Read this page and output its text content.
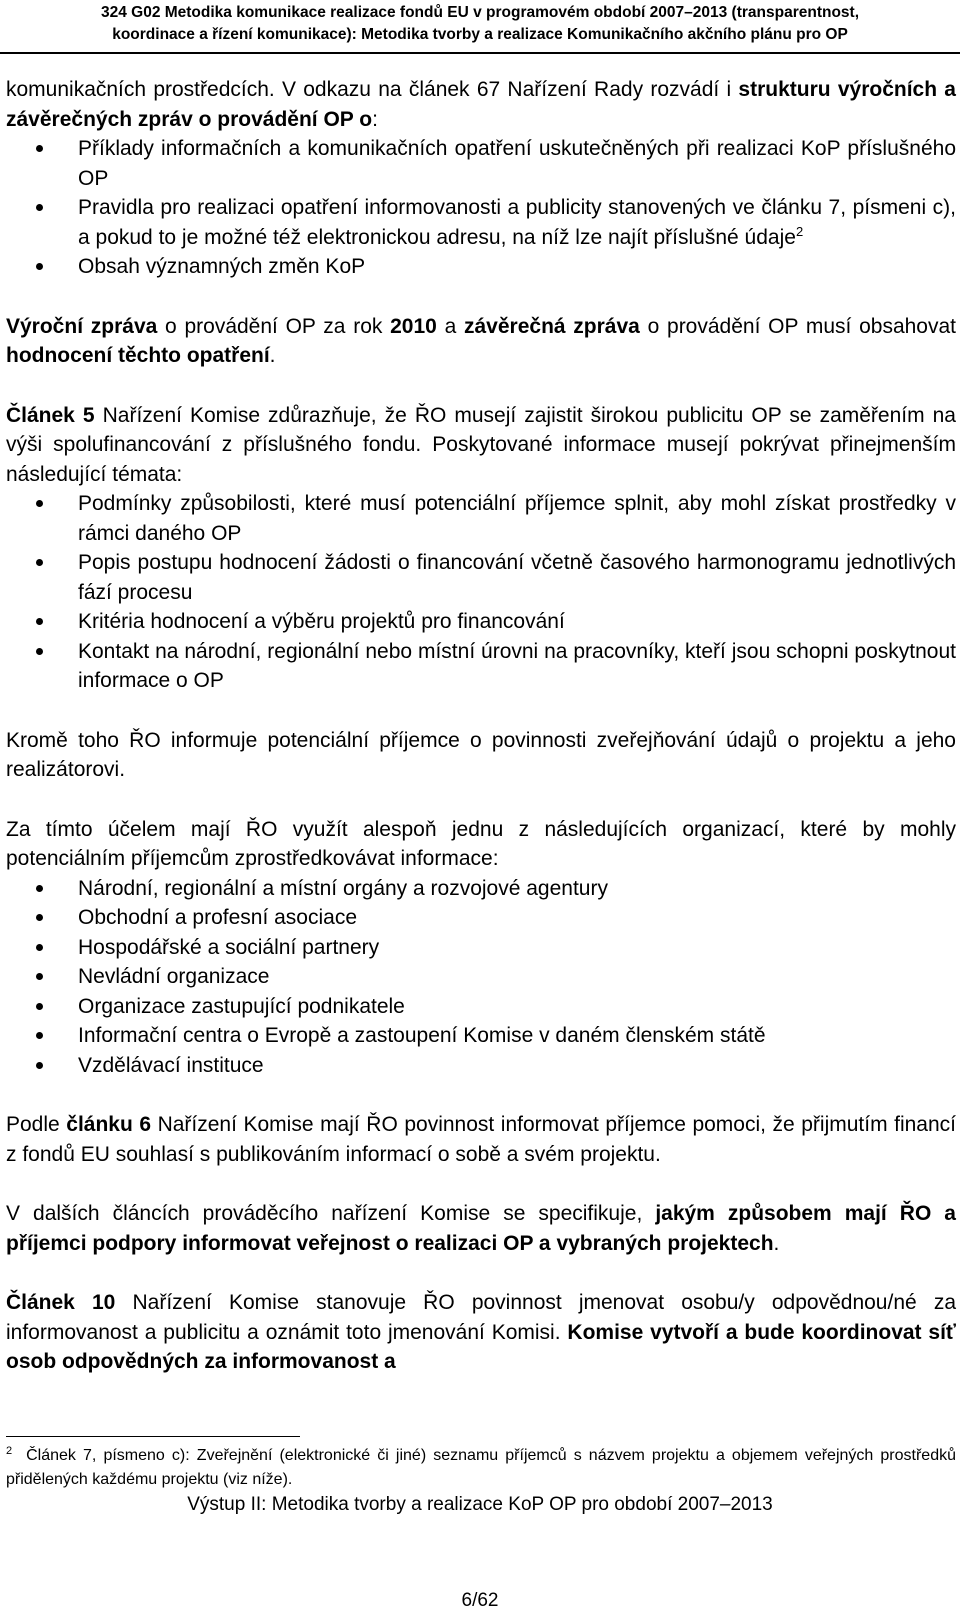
324 G02 Metodika komunikace realizace fondů EU v programovém období 2007–2013 (transparentnost,
koordinace a řízení komunikace): Metodika tvorby a realizace Komunikačního akčního plánu pro OP

komunikačních prostředcích. V odkazu na článek 67 Nařízení Rady rozvádí i strukturu výročních a závěrečných zpráv o provádění OP o:

Příklady informačních a komunikačních opatření uskutečněných při realizaci KoP příslušného OP
Pravidla pro realizaci opatření informovanosti a publicity stanovených ve článku 7, písmeni c), a pokud to je možné též elektronickou adresu, na níž lze najít příslušné údaje$^2$
Obsah významných změn KoP

Výroční zpráva o provádění OP za rok 2010 a závěrečná zpráva o provádění OP musí obsahovat hodnocení těchto opatření.

Článek 5 Nařízení Komise zdůrazňuje, že ŘO musejí zajistit širokou publicitu OP se zaměřením na výši spolufinancování z příslušného fondu. Poskytované informace musejí pokrývat přinejmenším následující témata:

Podmínky způsobilosti, které musí potenciální příjemce splnit, aby mohl získat prostředky v rámci daného OP
Popis postupu hodnocení žádosti o financování včetně časového harmonogramu jednotlivých fází procesu
Kritéria hodnocení a výběru projektů pro financování
Kontakt na národní, regionální nebo místní úrovni na pracovníky, kteří jsou schopni poskytnout informace o OP

Kromě toho ŘO informuje potenciální příjemce o povinnosti zveřejňování údajů o projektu a jeho realizátorovi.

Za tímto účelem mají ŘO využít alespoň jednu z následujících organizací, které by mohly potenciálním příjemcům zprostředkovávat informace:

Národní, regionální a místní orgány a rozvojové agentury
Obchodní a profesní asociace
Hospodářské a sociální partnery
Nevládní organizace
Organizace zastupující podnikatele
Informační centra o Evropě a zastoupení Komise v daném členském státě
Vzdělávací instituce

Podle článku 6 Nařízení Komise mají ŘO povinnost informovat příjemce pomoci, že přijmutím financí z fondů EU souhlasí s publikováním informací o sobě a svém projektu.

V dalších článcích prováděcího nařízení Komise se specifikuje, jakým způsobem mají ŘO a příjemci podpory informovat veřejnost o realizaci OP a vybraných projektech.

Článek 10 Nařízení Komise stanovuje ŘO povinnost jmenovat osobu/y odpovědnou/né za informovanost a publicitu a oznámit toto jmenování Komisi. Komise vytvoří a bude koordinovat síť osob odpovědných za informovanost a

$^2$ Článek 7, písmeno c): Zveřejnění (elektronické či jiné) seznamu příjemců s názvem projektu a objemem veřejných prostředků přidělených každému projektu (viz níže).
Výstup II: Metodika tvorby a realizace KoP OP pro období 2007–2013
6/62
